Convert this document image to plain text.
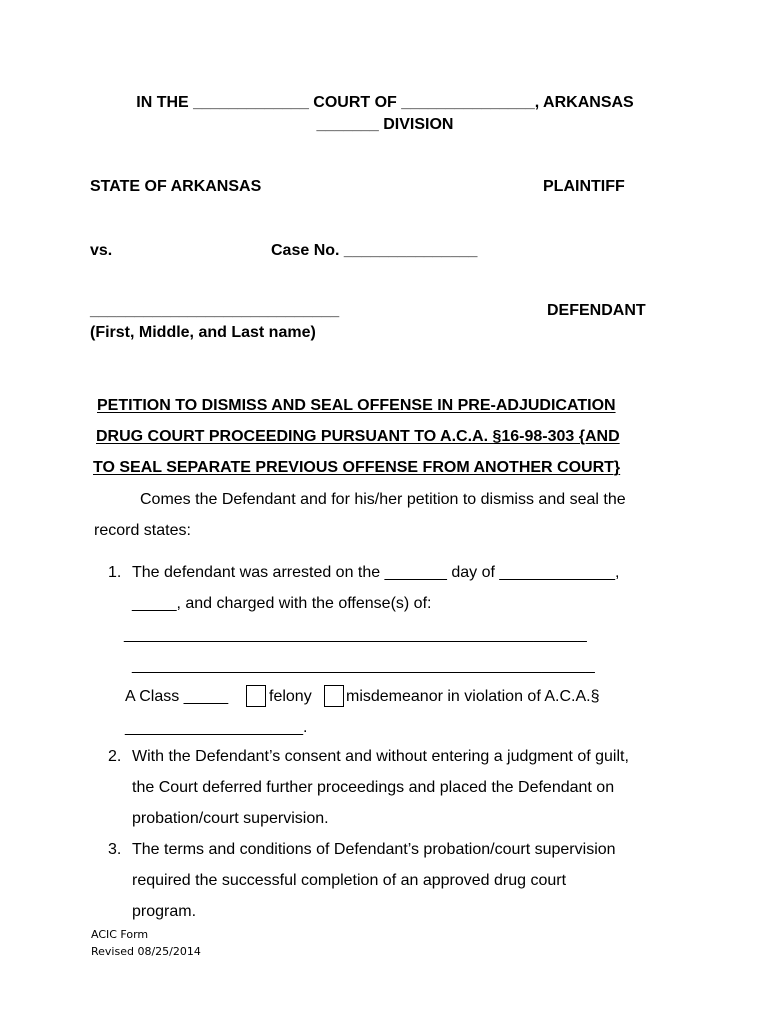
IN THE _____________ COURT OF _______________, ARKANSAS
_______ DIVISION
STATE OF ARKANSAS	PLAINTIFF
vs.	Case No. _______________
____________________________	DEFENDANT
(First, Middle, and Last name)
PETITION TO DISMISS AND SEAL OFFENSE IN PRE-ADJUDICATION
DRUG COURT PROCEEDING PURSUANT TO A.C.A. §16-98-303 {AND
TO SEAL SEPARATE PREVIOUS OFFENSE FROM ANOTHER COURT}
Comes the Defendant and for his/her petition to dismiss and seal the
record states:
1. The defendant was arrested on the _______ day of _____________,
_____, and charged with the offense(s) of:
____________________________________________________
____________________________________________________
A Class _____	felony misdemeanor in violation of A.C.A.§
____________________.
2. With the Defendant’s consent and without entering a judgment of guilt,
the Court deferred further proceedings and placed the Defendant on
probation/court supervision.
3. The terms and conditions of Defendant’s probation/court supervision
required the successful completion of an approved drug court
program.
ACIC Form
Revised 08/25/2014
